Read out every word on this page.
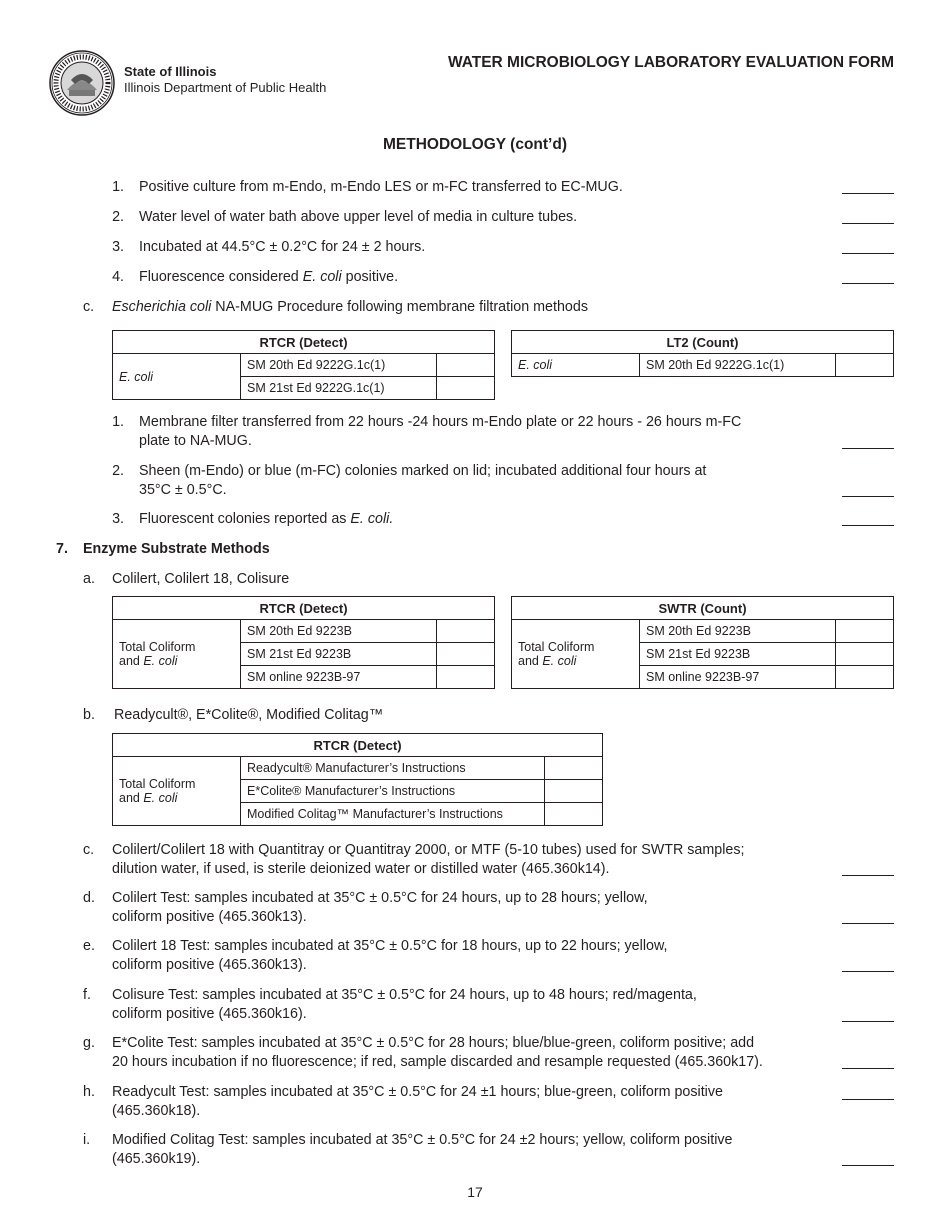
State of Illinois
Illinois Department of Public Health
WATER MICROBIOLOGY LABORATORY EVALUATION FORM
METHODOLOGY (cont’d)
1. Positive culture from m-Endo, m-Endo LES or m-FC transferred to EC-MUG.
2. Water level of water bath above upper level of media in culture tubes.
3. Incubated at 44.5°C ± 0.2°C for 24 ± 2 hours.
4. Fluorescence considered E. coli positive.
c. Escherichia coli NA-MUG Procedure following membrane filtration methods
RTCR (Detect)		
E. coli	SM 20th Ed 9222G.1c(1)	
	SM 21st Ed 9222G.1c(1)	
LT2 (Count)
E. coli	SM 20th Ed 9222G.1c(1)	
1. Membrane filter transferred from 22 hours -24 hours m-Endo plate or 22 hours - 26 hours m-FC
plate to NA-MUG.
2. Sheen (m-Endo) or blue (m-FC) colonies marked on lid; incubated additional four hours at
35°C ± 0.5°C.
3. Fluorescent colonies reported as E. coli.
7. Enzyme Substrate Methods
a. Colilert, Colilert 18, Colisure
RTCR (Detect)		
Total Coliform
and E. coli	SM 20th Ed 9223B	
	SM 21st Ed 9223B	
	SM online 9223B-97	
SWTR (Count)		
Total Coliform
and E. coli	SM 20th Ed 9223B	
	SM 21st Ed 9223B	
	SM online 9223B-97	
b. Readycult®, E*Colite®, Modified Colitag™
RTCR (Detect)		
Total Coliform
and E. coli	Readycult® Manufacturer’s Instructions	
	E*Colite® Manufacturer’s Instructions	
	Modified Colitag™ Manufacturer’s Instructions	
c. Colilert/Colilert 18 with Quantitray or Quantitray 2000, or MTF (5-10 tubes) used for SWTR samples;
dilution water, if used, is sterile deionized water or distilled water (465.360k14).
d. Colilert Test: samples incubated at 35°C ± 0.5°C for 24 hours, up to 28 hours; yellow,
coliform positive (465.360k13).
e. Colilert 18 Test: samples incubated at 35°C ± 0.5°C for 18 hours, up to 22 hours; yellow,
coliform positive (465.360k13).
f. Colisure Test: samples incubated at 35°C ± 0.5°C for 24 hours, up to 48 hours; red/magenta,
coliform positive (465.360k16).
g. E*Colite Test: samples incubated at 35°C ± 0.5°C for 28 hours; blue/blue-green, coliform positive; add
20 hours incubation if no fluorescence; if red, sample discarded and resample requested (465.360k17).
h. Readycult Test: samples incubated at 35°C ± 0.5°C for 24 ±1 hours; blue-green, coliform positive
(465.360k18).
i. Modified Colitag Test: samples incubated at 35°C ± 0.5°C for 24 ±2 hours; yellow, coliform positive
(465.360k19).
17
